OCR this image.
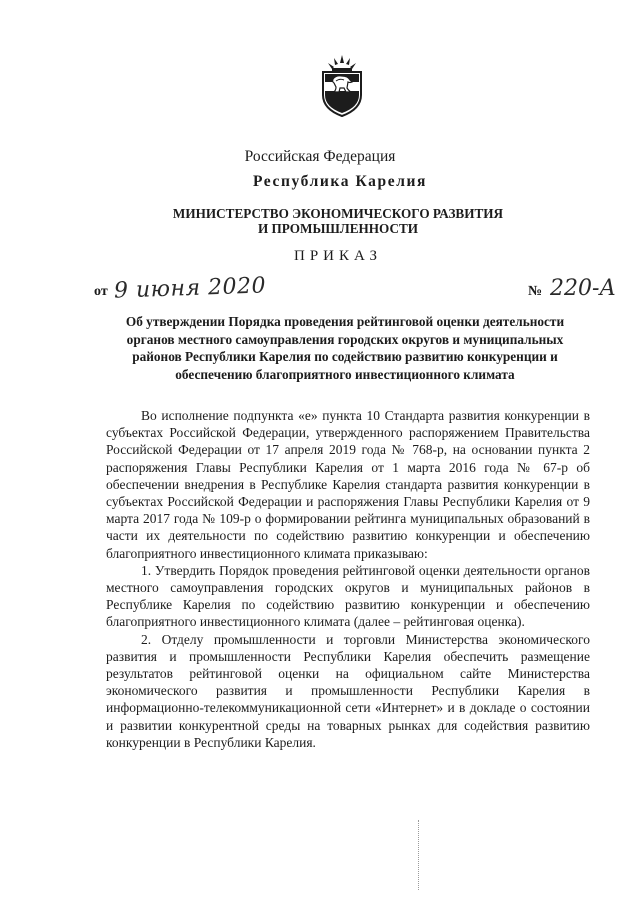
Российская Федерация
Республика Карелия
МИНИСТЕРСТВО ЭКОНОМИЧЕСКОГО РАЗВИТИЯ
И ПРОМЫШЛЕННОСТИ
ПРИКАЗ
от 9 июня 2020	№ 220-А
Об утверждении Порядка проведения рейтинговой оценки деятельности
органов местного самоуправления городских округов и муниципальных
районов Республики Карелия по содействию развитию конкуренции и
обеспечению благоприятного инвестиционного климата

Во исполнение подпункта «е» пункта 10 Стандарта развития конкуренции в субъектах Российской Федерации, утвержденного распоряжением Правительства Российской Федерации от 17 апреля 2019 года № 768-р, на основании пункта 2 распоряжения Главы Республики Карелия от 1 марта 2016 года № 67-р об обеспечении внедрения в Республике Карелия стандарта развития конкуренции в субъектах Российской Федерации и распоряжения Главы Республики Карелия от 9 марта 2017 года № 109-р о формировании рейтинга муниципальных образований в части их деятельности по содействию развитию конкуренции и обеспечению благоприятного инвестиционного климата приказываю:

1. Утвердить Порядок проведения рейтинговой оценки деятельности органов местного самоуправления городских округов и муниципальных районов в Республике Карелия по содействию развитию конкуренции и обеспечению благоприятного инвестиционного климата (далее – рейтинговая оценка).

2. Отделу промышленности и торговли Министерства экономического развития и промышленности Республики Карелия обеспечить размещение результатов рейтинговой оценки на официальном сайте Министерства экономического развития и промышленности Республики Карелия в информационно-телекоммуникационной сети «Интернет» и в докладе о состоянии и развитии конкурентной среды на товарных рынках для содействия развитию конкуренции в Республики Карелия.
